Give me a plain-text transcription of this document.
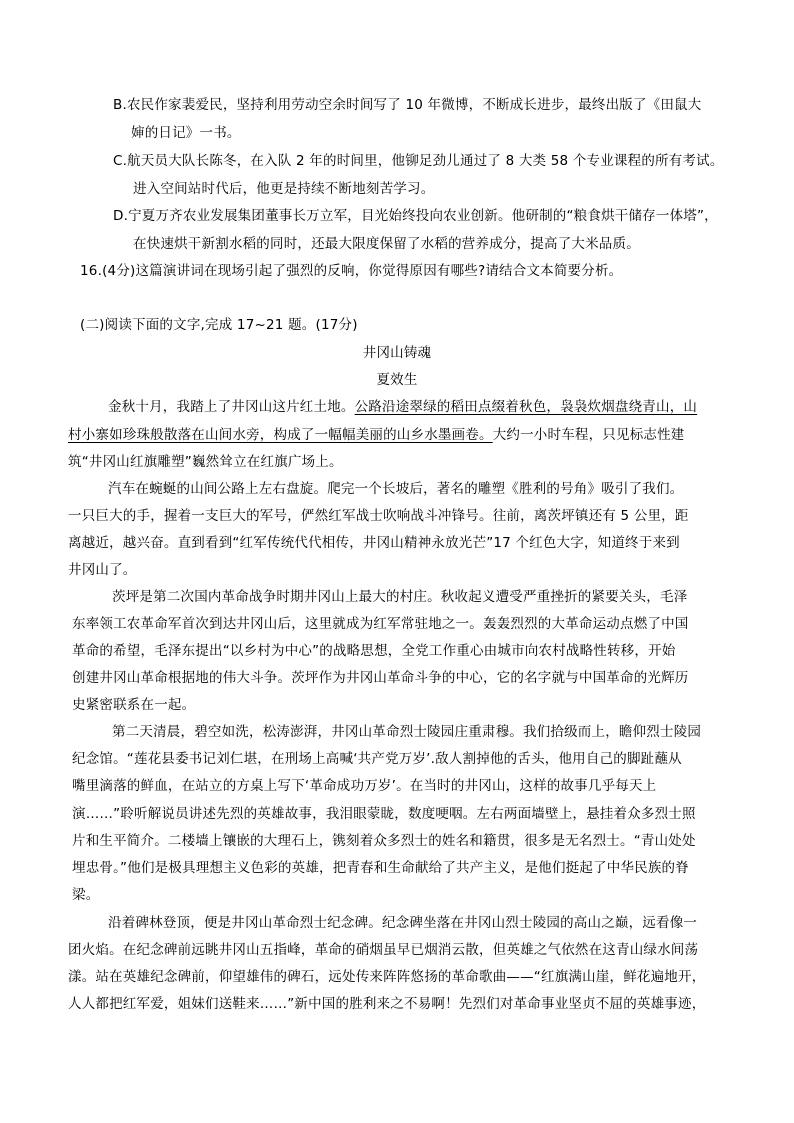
B.农民作家裴爱民，坚持利用劳动空余时间写了 10 年微博，不断成长进步，最终出版了《田鼠大
婶的日记》一书。
C.航天员大队长陈冬，在入队 2 年的时间里，他铆足劲儿通过了 8 大类 58 个专业课程的所有考试。
进入空间站时代后，他更是持续不断地刻苦学习。
D.宁夏万齐农业发展集团董事长万立军，目光始终投向农业创新。他研制的“粮食烘干储存一体塔”，
在快速烘干新割水稻的同时，还最大限度保留了水稻的营养成分，提高了大米品质。
16.(4分)这篇演讲词在现场引起了强烈的反响，你觉得原因有哪些?请结合文本简要分析。
(二)阅读下面的文字,完成 17~21 题。(17分)
井冈山铸魂
夏效生
金秋十月，我踏上了井冈山这片红土地。公路沿途翠绿的稻田点缀着秋色，袅袅炊烟盘绕青山，山
村小寨如珍珠般散落在山间水旁，构成了一幅幅美丽的山乡水墨画卷。大约一小时车程，只见标志性建
筑“井冈山红旗雕塑”巍然耸立在红旗广场上。
汽车在蜿蜒的山间公路上左右盘旋。爬完一个长坡后，著名的雕塑《胜利的号角》吸引了我们。
一只巨大的手，握着一支巨大的军号，俨然红军战士吹响战斗冲锋号。往前，离茨坪镇还有 5 公里，距
离越近，越兴奋。直到看到“红军传统代代相传，井冈山精神永放光芒”17 个红色大字，知道终于来到
井冈山了。
茨坪是第二次国内革命战争时期井冈山上最大的村庄。秋收起义遭受严重挫折的紧要关头，毛泽
东率领工农革命军首次到达井冈山后，这里就成为红军常驻地之一。轰轰烈烈的大革命运动点燃了中国
革命的希望，毛泽东提出“以乡村为中心”的战略思想，全党工作重心由城市向农村战略性转移，开始
创建井冈山革命根据地的伟大斗争。茨坪作为井冈山革命斗争的中心，它的名字就与中国革命的光辉历
史紧密联系在一起。
第二天清晨，碧空如洗，松涛澎湃，井冈山革命烈士陵园庄重肃穆。我们拾级而上，瞻仰烈士陵园
纪念馆。“莲花县委书记刘仁堪，在刑场上高喊‘共产党万岁’.敌人割掉他的舌头，他用自己的脚趾蘸从
嘴里滴落的鲜血，在站立的方桌上写下‘革命成功万岁’。在当时的井冈山，这样的故事几乎每天上
演……”聆听解说员讲述先烈的英雄故事，我泪眼蒙眬，数度哽咽。左右两面墙壁上，悬挂着众多烈士照
片和生平简介。二楼墙上镶嵌的大理石上，镌刻着众多烈士的姓名和籍贯，很多是无名烈士。“青山处处
埋忠骨。”他们是极具理想主义色彩的英雄，把青春和生命献给了共产主义，是他们挺起了中华民族的脊
梁。
沿着碑林登顶，便是井冈山革命烈士纪念碑。纪念碑坐落在井冈山烈士陵园的高山之巅，远看像一
团火焰。在纪念碑前远眺井冈山五指峰，革命的硝烟虽早已烟消云散，但英雄之气依然在这青山绿水间荡
漾。站在英雄纪念碑前，仰望雄伟的碑石，远处传来阵阵悠扬的革命歌曲——“红旗满山崖，鲜花遍地开，
人人都把红军爱，姐妹们送鞋来……”新中国的胜利来之不易啊！先烈们对革命事业坚贞不屈的英雄事迹，
